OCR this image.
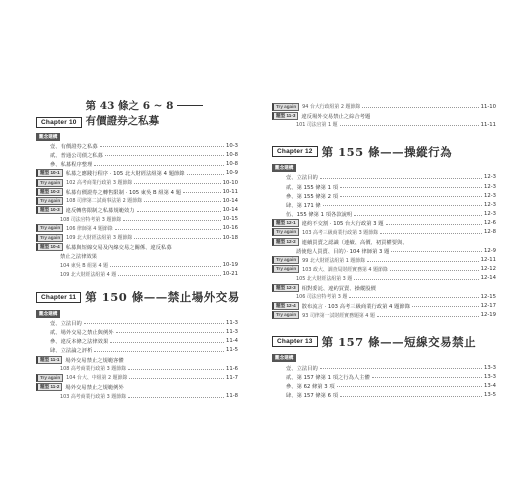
Chapter 10
第 43 條之 6 ~ 8
有價證券之私募
觀念建構
壹、有價證券之私募	10-3
貳、普通公司債之私募	10-8
參、私募程序整理	10-8
題型 10-1	私募之應踐行程序 · 105 北大財經法組第 4 題節錄	10-9
Try again	102 高考商業行政第 3 題節錄	10-10
題型 10-2	私募有價證券之轉售限制 · 105 東吳 B 組第 4 題	10-11
Try again	108 司律第二試商事法第 2 題節錄	10-14
題型 10-3	違反轉售限制之私募規範效力	10-14
108 司法官特考第 3 題節錄	10-15
Try again	106 律師第 4 題節錄	10-16
Try again	109 北大財經法組第 3 題節錄	10-18
題型 10-4	私募與短線交易及內線交易之關係、違反私募
禁止之法律效果
104 東吳 B 組第 4 題	10-19
109 北大財經法組第 4 題	10-21
Chapter 11 第 150 條——禁止場外交易
觀念建構
壹、立法目的	11-3
貳、場外交易之禁止與例外	11-3
參、違反本條之法律效果	11-4
肆、立法論之評析	11-5
題型 11-1	場外交易禁止之規範客體
108 高考商業行政第 3 題節錄	11-6
Try again	104 台大、中組第 2 題節錄	11-7
題型 11-2	場外交易禁止之規範例外
103 高考商業行政第 3 題節錄	11-8
Try again	94 台大行政組第 2 題節錄	11-10
題型 11-3	違反場外交易禁止之綜合考題
101 司法官第 1 題	11-11
Chapter 12 第 155 條——操縱行為
觀念建構
壹、立法目的	12-3
貳、第 155 條第 1 項	12-3
參、第 155 條第 2 項	12-3
肆、第 171 條	12-3
伍、155 條第 1 項各款說明	12-3
題型 12-1	違約不交割 · 105 台大行政第 3 題	12-6
Try again	103 高考三級商業行政第 3 題節錄	12-8
題型 12-2	連續買賣之認識（連續、高價、初買權要與、
誘使他人買賣、目的）· 104 律師第 3 題	12-9
Try again	99 北大財經法組第 1 題節錄	12-11
Try again	103 政大、調查局財經實務第 4 題節錄	12-12
105 北大財經法組第 3 題	12-14
題型 12-3	相對委託、違約買賣、操縱股價
106 司法官特考第 3 題	12-15
題型 12-4	散布流言 · 103 高考三級商業行政第 4 題節錄	12-17
Try again	93 司律第一試財經實務題第 4 題	12-19
Chapter 13 第 157 條——短線交易禁止
觀念建構
壹、立法目的	13-3
貳、第 157 條第 1 項之行為人主體	13-3
參、第 62 條第 3 項	13-4
肆、第 157 條第 6 項	13-5
